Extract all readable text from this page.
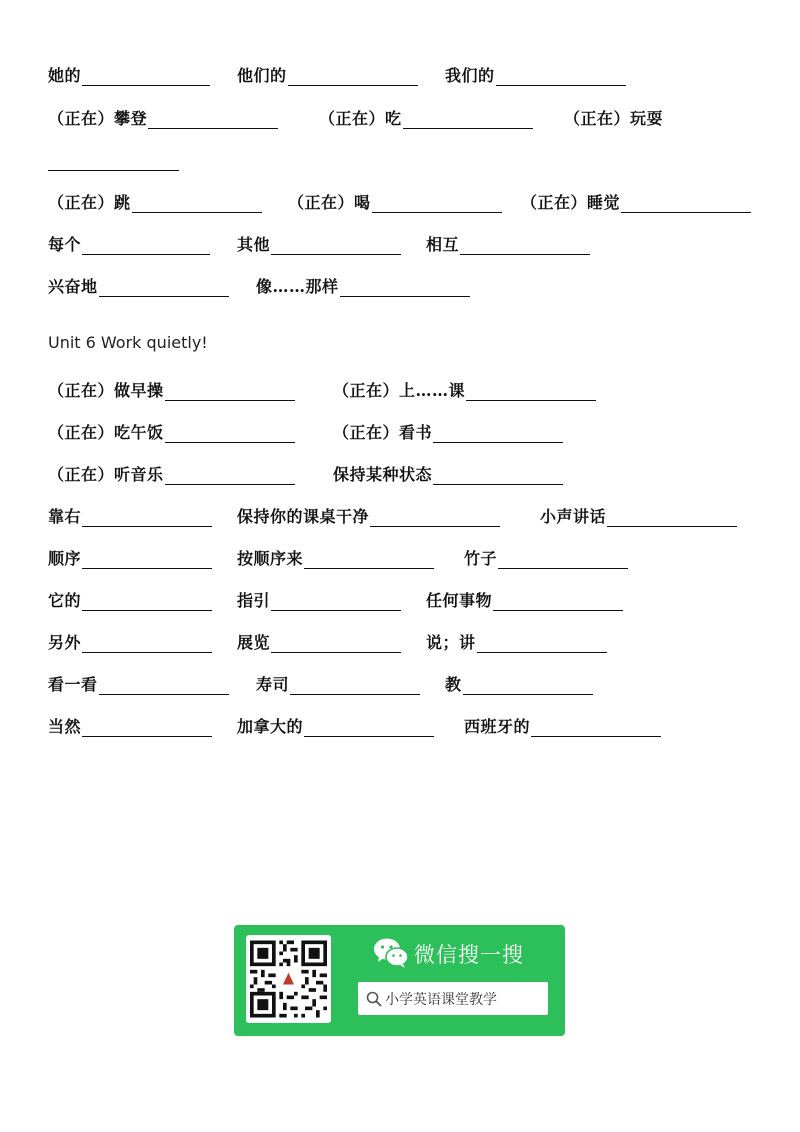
她的	他们的	我们的
（正在）攀登	（正在）吃	（正在）玩耍
（正在）跳	（正在）喝	（正在）睡觉
每个	其他	相互
兴奋地	像……那样
Unit 6 Work quietly!
（正在）做早操	（正在）上……课
（正在）吃午饭	（正在）看书
（正在）听音乐	保持某种状态
靠右	保持你的课桌干净	小声讲话
顺序	按顺序来	竹子
它的	指引	任何事物
另外	展览	说；讲
看一看	寿司	教
当然	加拿大的	西班牙的
微信搜一搜
小学英语课堂教学
